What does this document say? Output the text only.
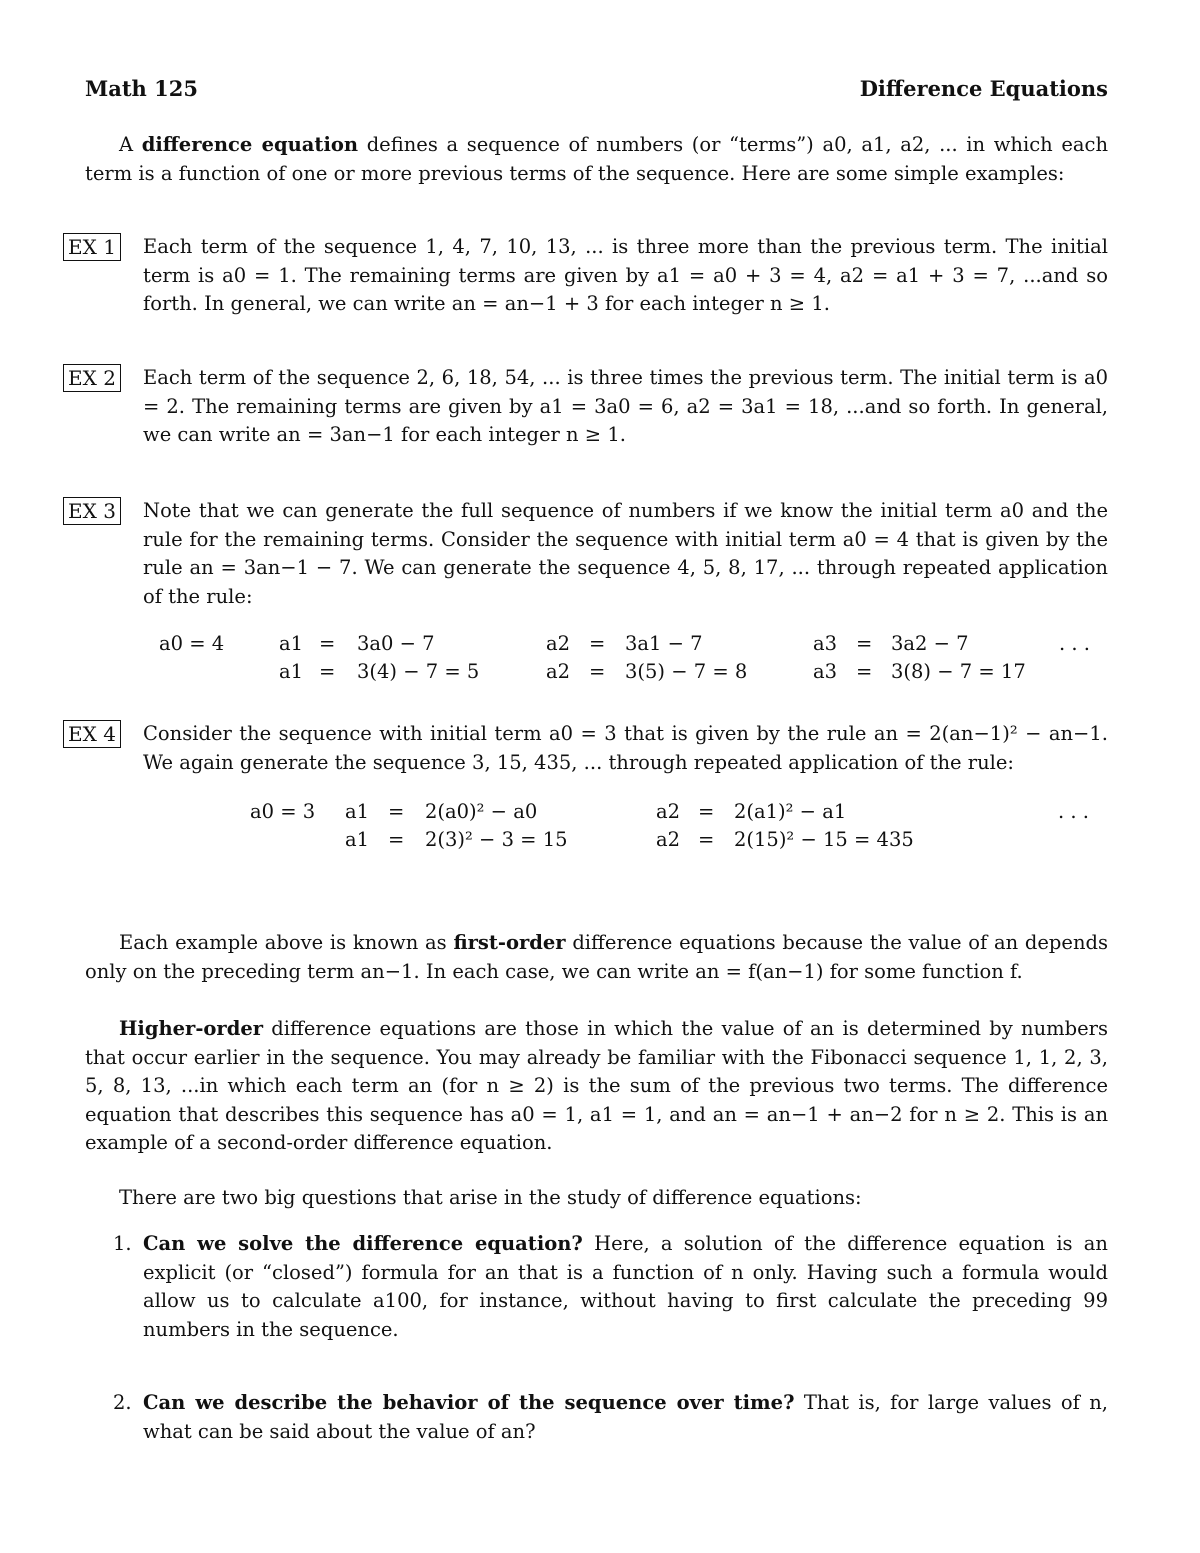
Math 125	Difference Equations
A difference equation defines a sequence of numbers (or “terms”) a0, a1, a2, ... in which each term is a function of one or more previous terms of the sequence. Here are some simple examples:
EX 1 Each term of the sequence 1, 4, 7, 10, 13, ... is three more than the previous term. The initial term is a0 = 1. The remaining terms are given by a1 = a0 + 3 = 4, a2 = a1 + 3 = 7, ...and so forth. In general, we can write an = an−1 + 3 for each integer n ≥ 1.
EX 2 Each term of the sequence 2, 6, 18, 54, ... is three times the previous term. The initial term is a0 = 2. The remaining terms are given by a1 = 3a0 = 6, a2 = 3a1 = 18, ...and so forth. In general, we can write an = 3an−1 for each integer n ≥ 1.
EX 3 Note that we can generate the full sequence of numbers if we know the initial term a0 and the rule for the remaining terms. Consider the sequence with initial term a0 = 4 that is given by the rule an = 3an−1 − 7. We can generate the sequence 4, 5, 8, 17, ... through repeated application of the rule:
a0 = 4	a1 = 3a0 − 7
a1 = 3(4) − 7 = 5
a2 = 3a1 − 7
a2 = 3(5) − 7 = 8
a3 = 3a2 − 7
a3 = 3(8) − 7 = 17
. . .
EX 4 Consider the sequence with initial term a0 = 3 that is given by the rule an = 2(an−1)² − an−1. We again generate the sequence 3, 15, 435, ... through repeated application of the rule:
a0 = 3 a1 = 2(a0)² − a0
a1 = 2(3)² − 3 = 15
a2 = 2(a1)² − a1
a2 = 2(15)² − 15 = 435
. . .
Each example above is known as first-order difference equations because the value of an depends only on the preceding term an−1. In each case, we can write an = f(an−1) for some function f.
Higher-order difference equations are those in which the value of an is determined by numbers that occur earlier in the sequence. You may already be familiar with the Fibonacci sequence 1, 1, 2, 3, 5, 8, 13, ...in which each term an (for n ≥ 2) is the sum of the previous two terms. The difference equation that describes this sequence has a0 = 1, a1 = 1, and an = an−1 + an−2 for n ≥ 2. This is an example of a second-order difference equation.
There are two big questions that arise in the study of difference equations:
1. Can we solve the difference equation? Here, a solution of the difference equation is an explicit (or “closed”) formula for an that is a function of n only. Having such a formula would allow us to calculate a100, for instance, without having to first calculate the preceding 99 numbers in the sequence.
2. Can we describe the behavior of the sequence over time? That is, for large values of n, what can be said about the value of an?
